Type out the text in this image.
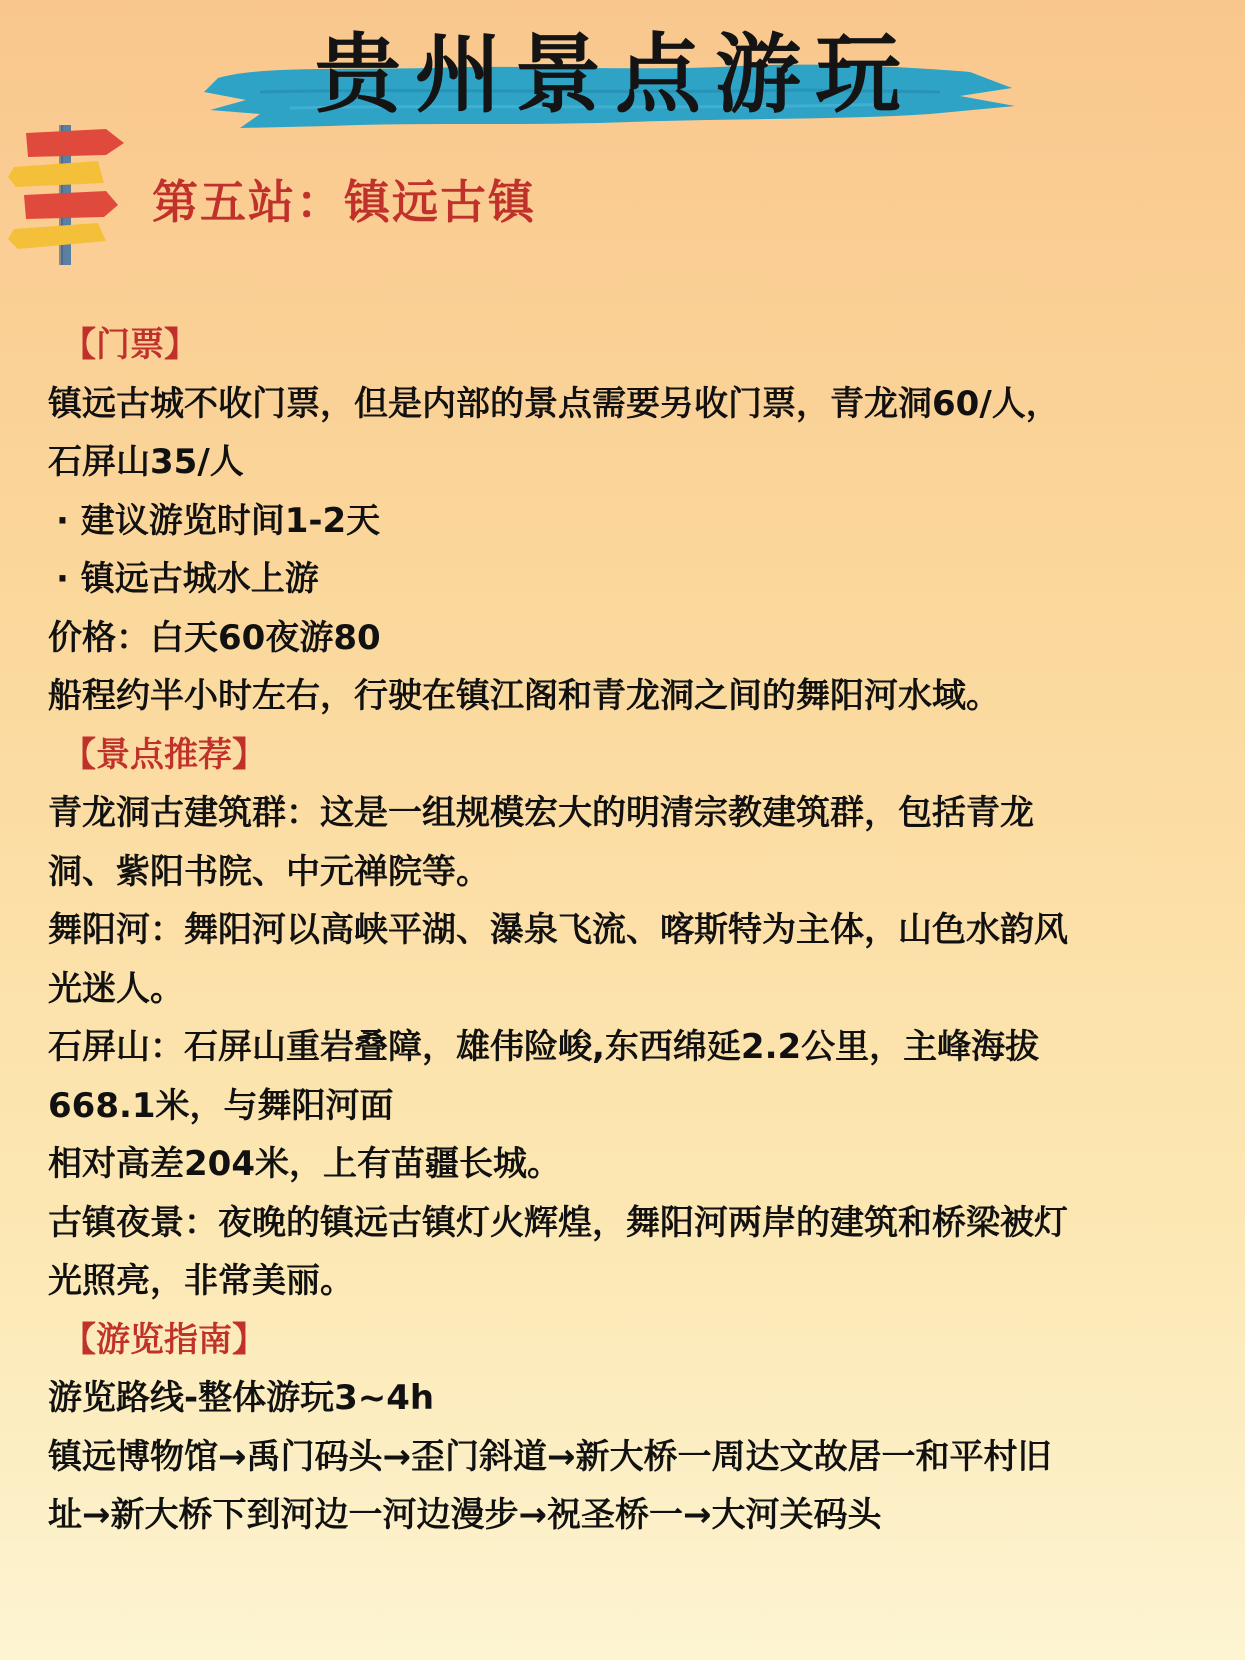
贵州景点游玩
第五站：镇远古镇
【门票】
镇远古城不收门票，但是内部的景点需要另收门票，青龙洞60/人，
石屏山35/人
· 建议游览时间1-2天
· 镇远古城水上游
价格：白天60夜游80
船程约半小时左右，行驶在镇江阁和青龙洞之间的舞阳河水域。
【景点推荐】
青龙洞古建筑群：这是一组规模宏大的明清宗教建筑群，包括青龙
洞、紫阳书院、中元禅院等。
舞阳河：舞阳河以高峡平湖、瀑泉飞流、喀斯特为主体，山色水韵风
光迷人。
石屏山：石屏山重岩叠障，雄伟险峻,东西绵延2.2公里，主峰海拔
668.1米，与舞阳河面
相对高差204米，上有苗疆长城。
古镇夜景：夜晚的镇远古镇灯火辉煌，舞阳河两岸的建筑和桥梁被灯
光照亮，非常美丽。
【游览指南】
游览路线-整体游玩3~4h
镇远博物馆→禹门码头→歪门斜道→新大桥一周达文故居一和平村旧
址→新大桥下到河边一河边漫步→祝圣桥一→大河关码头
